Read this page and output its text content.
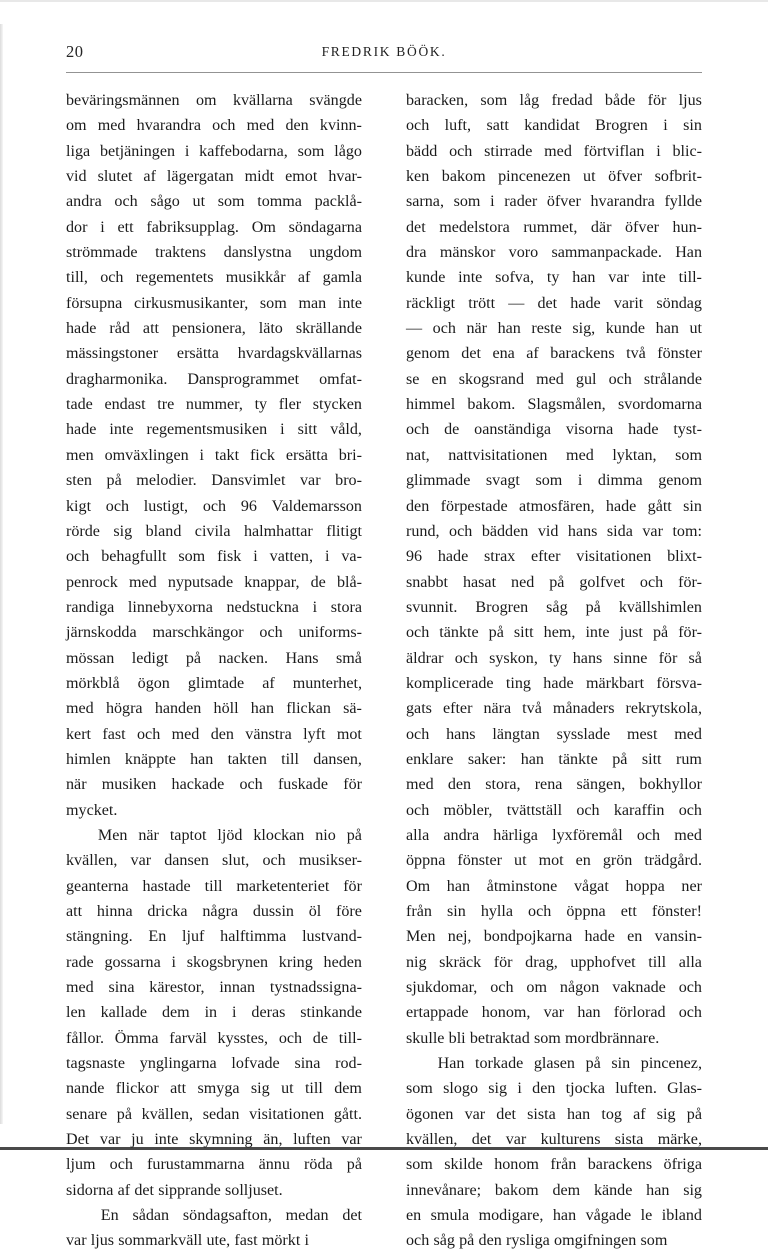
20	FREDRIK BÖÖK.

beväringsmännen om kvällarna svängde
om med hvarandra och med den kvinn-
liga betjäningen i kaffebodarna, som lågo
vid slutet af lägergatan midt emot hvar-
andra och sågo ut som tomma packlå-
dor i ett fabriksupplag. Om söndagarna
strömmade traktens danslystna ungdom
till, och regementets musikkår af gamla
försupna cirkusmusikanter, som man inte
hade råd att pensionera, läto skrällande
mässingstoner ersätta hvardagskvällarnas
dragharmonika. Dansprogrammet omfat-
tade endast tre nummer, ty fler stycken
hade inte regementsmusiken i sitt våld,
men omväxlingen i takt fick ersätta bri-
sten på melodier. Dansvimlet var bro-
kigt och lustigt, och 96 Valdemarsson
rörde sig bland civila halmhattar flitigt
och behagfullt som fisk i vatten, i va-
penrock med nyputsade knappar, de blå-
randiga linnebyxorna nedstuckna i stora
järnskodda marschkängor och uniforms-
mössan ledigt på nacken. Hans små
mörkblå ögon glimtade af munterhet,
med högra handen höll han flickan sä-
kert fast och med den vänstra lyft mot
himlen knäppte han takten till dansen,
när musiken hackade och fuskade för
mycket.
Men när taptot ljöd klockan nio på
kvällen, var dansen slut, och musikser-
geanterna hastade till marketenteriet för
att hinna dricka några dussin öl före
stängning. En ljuf halftimma lustvand-
rade gossarna i skogsbrynen kring heden
med sina kärestor, innan tystnadssigna-
len kallade dem in i deras stinkande
fållor. Ömma farväl kysstes, och de till-
tagsnaste ynglingarna lofvade sina rod-
nande flickor att smyga sig ut till dem
senare på kvällen, sedan visitationen gått.
Det var ju inte skymning än, luften var
ljum och furustammarna ännu röda på
sidorna af det sipprande solljuset.
En sådan söndagsafton, medan det
var ljus sommarkväll ute, fast mörkt i

baracken, som låg fredad både för ljus
och luft, satt kandidat Brogren i sin
bädd och stirrade med förtviflan i blic-
ken bakom pincenezen ut öfver sofbrit-
sarna, som i rader öfver hvarandra fyllde
det medelstora rummet, där öfver hun-
dra mänskor voro sammanpackade. Han
kunde inte sofva, ty han var inte till-
räckligt trött — det hade varit söndag
— och när han reste sig, kunde han ut
genom det ena af barackens två fönster
se en skogsrand med gul och strålande
himmel bakom. Slagsmålen, svordomarna
och de oanständiga visorna hade tyst-
nat, nattvisitationen med lyktan, som
glimmade svagt som i dimma genom
den förpestade atmosfären, hade gått sin
rund, och bädden vid hans sida var tom:
96 hade strax efter visitationen blixt-
snabbt hasat ned på golfvet och för-
svunnit. Brogren såg på kvällshimlen
och tänkte på sitt hem, inte just på för-
äldrar och syskon, ty hans sinne för så
komplicerade ting hade märkbart försva-
gats efter nära två månaders rekrytskola,
och hans längtan sysslade mest med
enklare saker: han tänkte på sitt rum
med den stora, rena sängen, bokhyllor
och möbler, tvättställ och karaffin och
alla andra härliga lyxföremål och med
öppna fönster ut mot en grön trädgård.
Om han åtminstone vågat hoppa ner
från sin hylla och öppna ett fönster!
Men nej, bondpojkarna hade en vansin-
nig skräck för drag, upphofvet till alla
sjukdomar, och om någon vaknade och
ertappade honom, var han förlorad och
skulle bli betraktad som mordbrännare.
Han torkade glasen på sin pincenez,
som slogo sig i den tjocka luften. Glas-
ögonen var det sista han tog af sig på
kvällen, det var kulturens sista märke,
som skilde honom från barackens öfriga
innevånare; bakom dem kände han sig
en smula modigare, han vågade le ibland
och såg på den rysliga omgifningen som
